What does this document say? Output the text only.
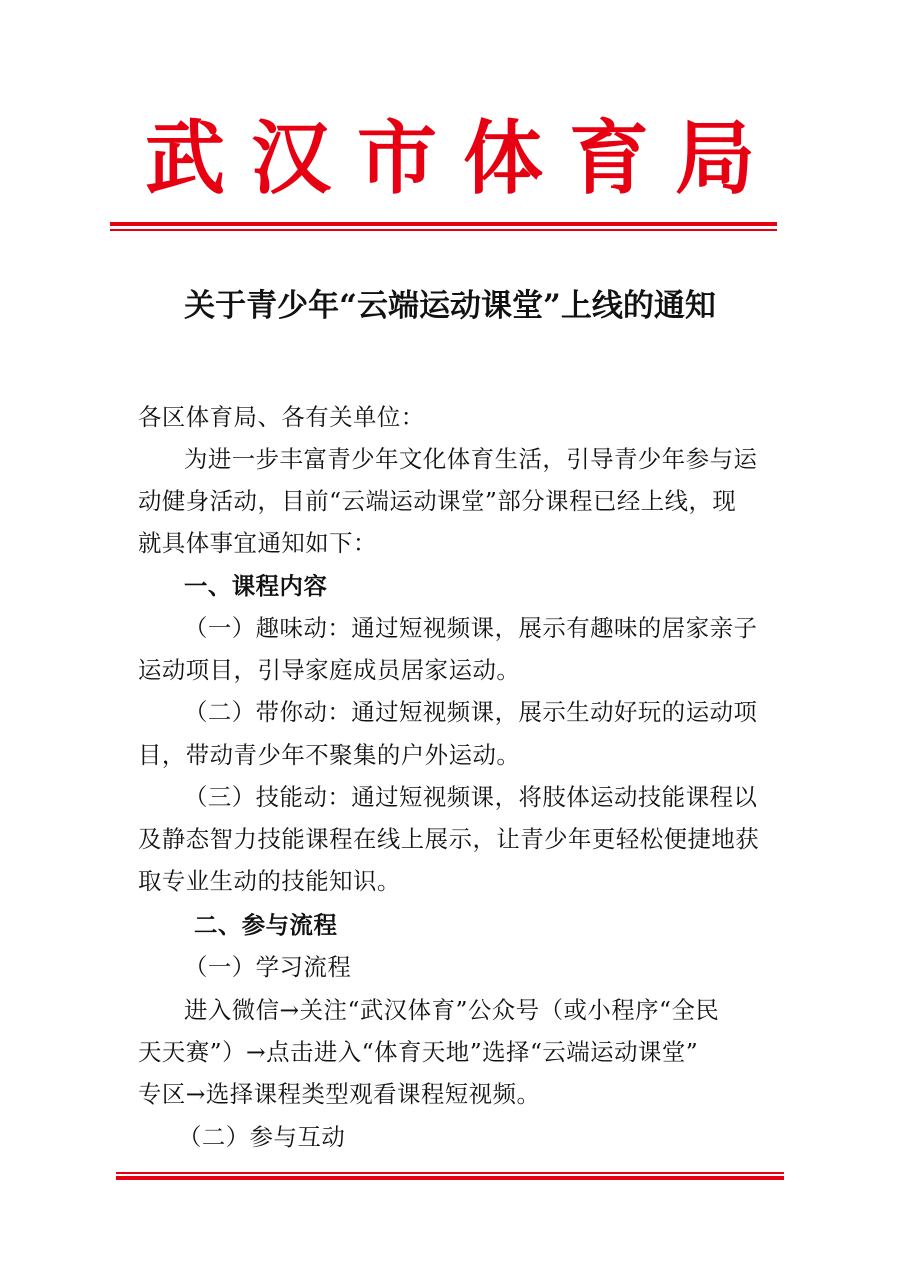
武 汉 市 体 育 局
关于青少年“云端运动课堂”上线的通知
各区体育局、各有关单位：
为进一步丰富青少年文化体育生活，引导青少年参与运
动健身活动，目前“云端运动课堂”部分课程已经上线，现
就具体事宜通知如下：
一、课程内容
（一）趣味动：通过短视频课，展示有趣味的居家亲子
运动项目，引导家庭成员居家运动。
（二）带你动：通过短视频课，展示生动好玩的运动项
目，带动青少年不聚集的户外运动。
（三）技能动：通过短视频课，将肢体运动技能课程以
及静态智力技能课程在线上展示，让青少年更轻松便捷地获
取专业生动的技能知识。
二、参与流程
（一）学习流程
进入微信→关注“武汉体育”公众号（或小程序“全民
天天赛”）→点击进入“体育天地”选择“云端运动课堂”
专区→选择课程类型观看课程短视频。
（二）参与互动
